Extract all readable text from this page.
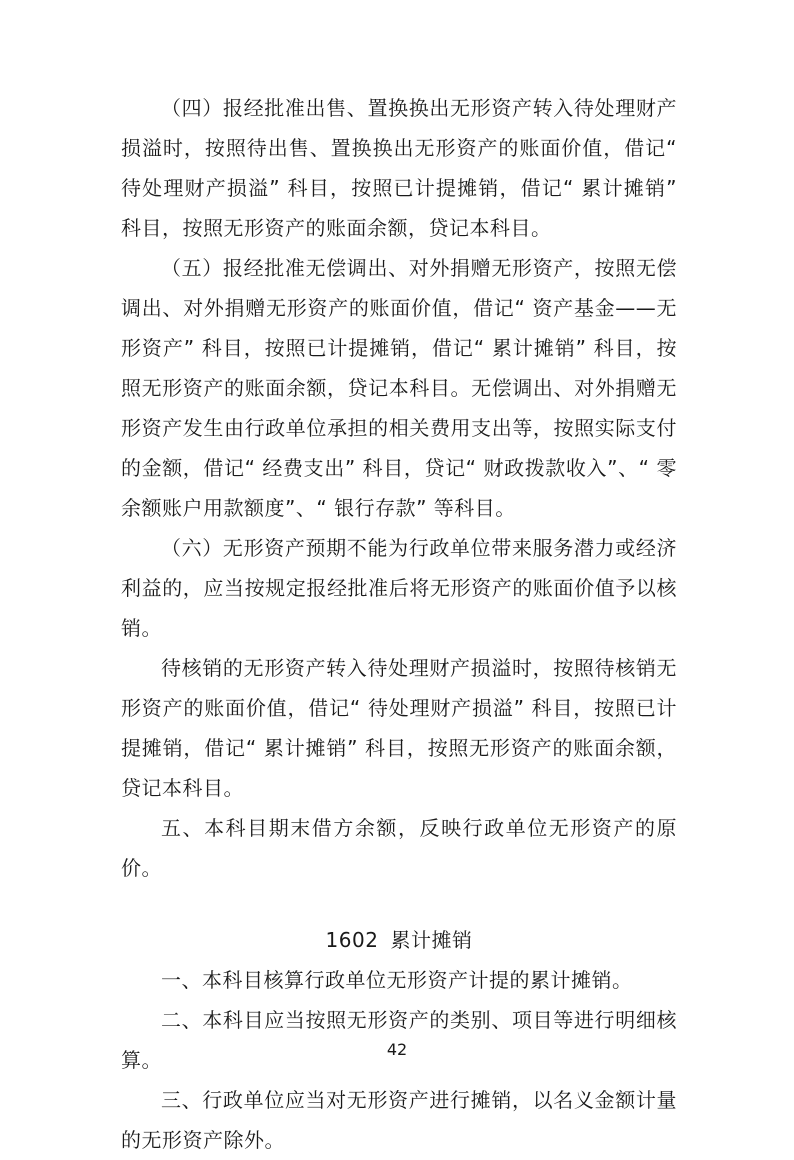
（四）报经批准出售、置换换出无形资产转入待处理财产损溢时，按照待出售、置换换出无形资产的账面价值，借记“ 待处理财产损溢” 科目，按照已计提摊销，借记“ 累计摊销” 科目，按照无形资产的账面余额，贷记本科目。

（五）报经批准无偿调出、对外捐赠无形资产，按照无偿调出、对外捐赠无形资产的账面价值，借记“ 资产基金——无形资产” 科目，按照已计提摊销，借记“ 累计摊销” 科目，按照无形资产的账面余额，贷记本科目。无偿调出、对外捐赠无形资产发生由行政单位承担的相关费用支出等，按照实际支付的金额，借记“ 经费支出” 科目，贷记“ 财政拨款收入”、“ 零余额账户用款额度”、“ 银行存款” 等科目。

（六）无形资产预期不能为行政单位带来服务潜力或经济利益的，应当按规定报经批准后将无形资产的账面价值予以核销。

待核销的无形资产转入待处理财产损溢时，按照待核销无形资产的账面价值，借记“ 待处理财产损溢” 科目，按照已计提摊销，借记“ 累计摊销” 科目，按照无形资产的账面余额，贷记本科目。

五、本科目期末借方余额，反映行政单位无形资产的原价。

1602 累计摊销

一、本科目核算行政单位无形资产计提的累计摊销。

二、本科目应当按照无形资产的类别、项目等进行明细核算。

三、行政单位应当对无形资产进行摊销，以名义金额计量的无形资产除外。

42
